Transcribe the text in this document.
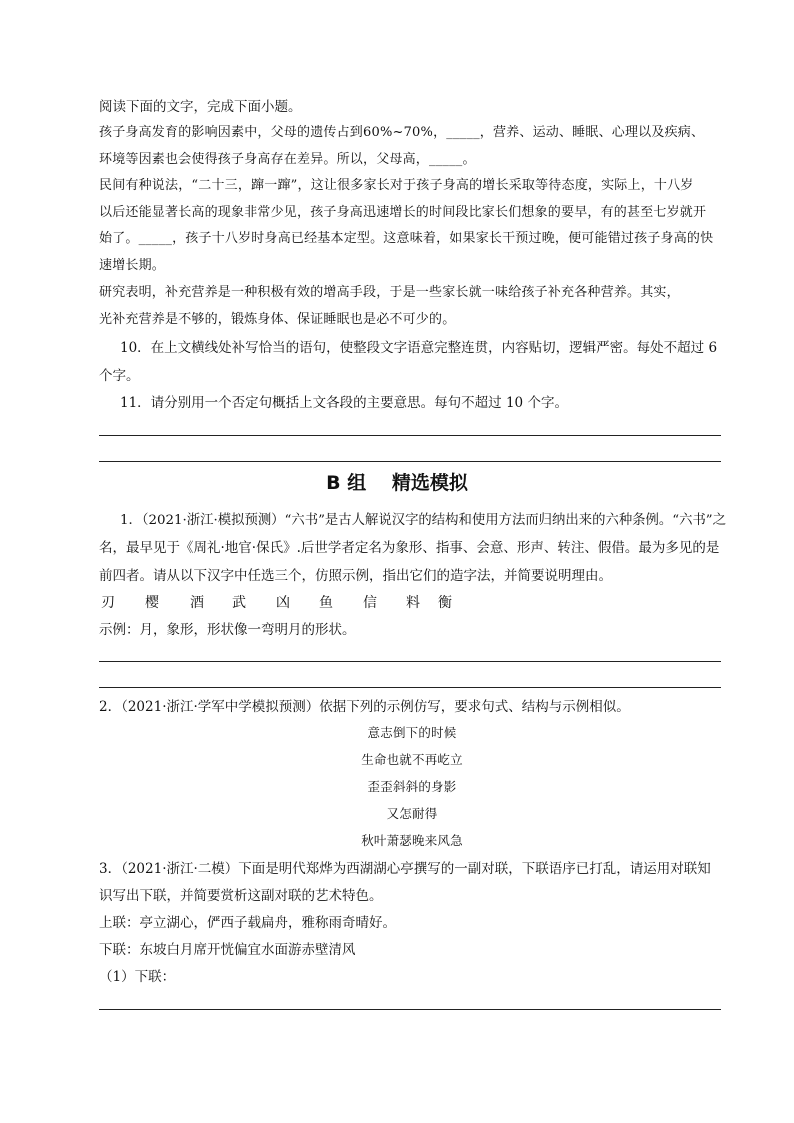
阅读下面的文字，完成下面小题。
孩子身高发育的影响因素中，父母的遗传占到60%~70%，_____，营养、运动、睡眠、心理以及疾病、
环境等因素也会使得孩子身高存在差异。所以，父母高，_____。
民间有种说法，“二十三，蹿一蹿”，这让很多家长对于孩子身高的增长采取等待态度，实际上，十八岁
以后还能显著长高的现象非常少见，孩子身高迅速增长的时间段比家长们想象的要早，有的甚至七岁就开
始了。_____，孩子十八岁时身高已经基本定型。这意味着，如果家长干预过晚，便可能错过孩子身高的快
速增长期。
研究表明，补充营养是一种积极有效的增高手段，于是一些家长就一味给孩子补充各种营养。其实，
光补充营养是不够的，锻炼身体、保证睡眠也是必不可少的。
10．在上文横线处补写恰当的语句，使整段文字语意完整连贯，内容贴切，逻辑严密。每处不超过 6
个字。
11．请分别用一个否定句概括上文各段的主要意思。每句不超过 10 个字。
B 组　 精选模拟
1．（2021·浙江·模拟预测）“六书”是古人解说汉字的结构和使用方法而归纳出来的六种条例。“六书”之
名，最早见于《周礼·地官·保氏》.后世学者定名为象形、指事、会意、形声、转注、假借。最为多见的是
前四者。请从以下汉字中任选三个，仿照示例，指出它们的造字法，并简要说明理由。
刃 樱 酒 武 凶 鱼 信 料 衡
示例：月，象形，形状像一弯明月的形状。
2．（2021·浙江·学军中学模拟预测）依据下列的示例仿写，要求句式、结构与示例相似。
意志倒下的时候
生命也就不再屹立
歪歪斜斜的身影
又怎耐得
秋叶萧瑟晚来风急
3．（2021·浙江·二模）下面是明代郑烨为西湖湖心亭撰写的一副对联，下联语序已打乱，请运用对联知
识写出下联，并简要赏析这副对联的艺术特色。
上联：亭立湖心，俨西子载扁舟，雅称雨奇晴好。
下联：东坡白月席开恍偏宜水面游赤壁清风
（1）下联：
